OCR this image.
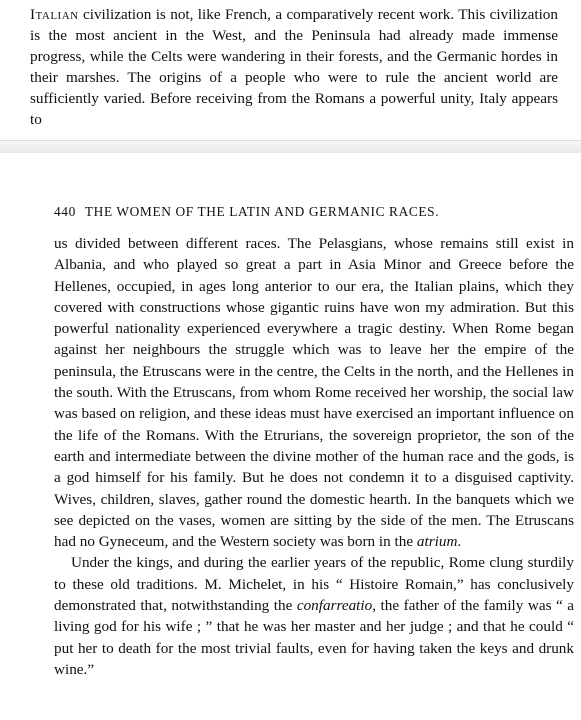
Italian civilization is not, like French, a comparatively recent work. This civilization is the most ancient in the West, and the Peninsula had already made immense progress, while the Celts were wandering in their forests, and the Germanic hordes in their marshes. The origins of a people who were to rule the ancient world are sufficiently varied. Before receiving from the Romans a powerful unity, Italy appears to

440 THE WOMEN OF THE LATIN AND GERMANIC RACES.

us divided between different races. The Pelasgians, whose remains still exist in Albania, and who played so great a part in Asia Minor and Greece before the Hellenes, occupied, in ages long anterior to our era, the Italian plains, which they covered with constructions whose gigantic ruins have won my admiration. But this powerful nationality experienced everywhere a tragic destiny. When Rome began against her neighbours the struggle which was to leave her the empire of the peninsula, the Etruscans were in the centre, the Celts in the north, and the Hellenes in the south. With the Etruscans, from whom Rome received her worship, the social law was based on religion, and these ideas must have exercised an important influence on the life of the Romans. With the Etrurians, the sovereign proprietor, the son of the earth and intermediate between the divine mother of the human race and the gods, is a god himself for his family. But he does not condemn it to a disguised captivity. Wives, children, slaves, gather round the domestic hearth. In the banquets which we see depicted on the vases, women are sitting by the side of the men. The Etruscans had no Gyneceum, and the Western society was born in the atrium.

Under the kings, and during the earlier years of the republic, Rome clung sturdily to these old traditions. M. Michelet, in his “ Histoire Romain,” has conclusively demonstrated that, notwithstanding the confarreatio, the father of the family was “ a living god for his wife ; ” that he was her master and her judge ; and that he could “ put her to death for the most trivial faults, even for having taken the keys and drunk wine.”
